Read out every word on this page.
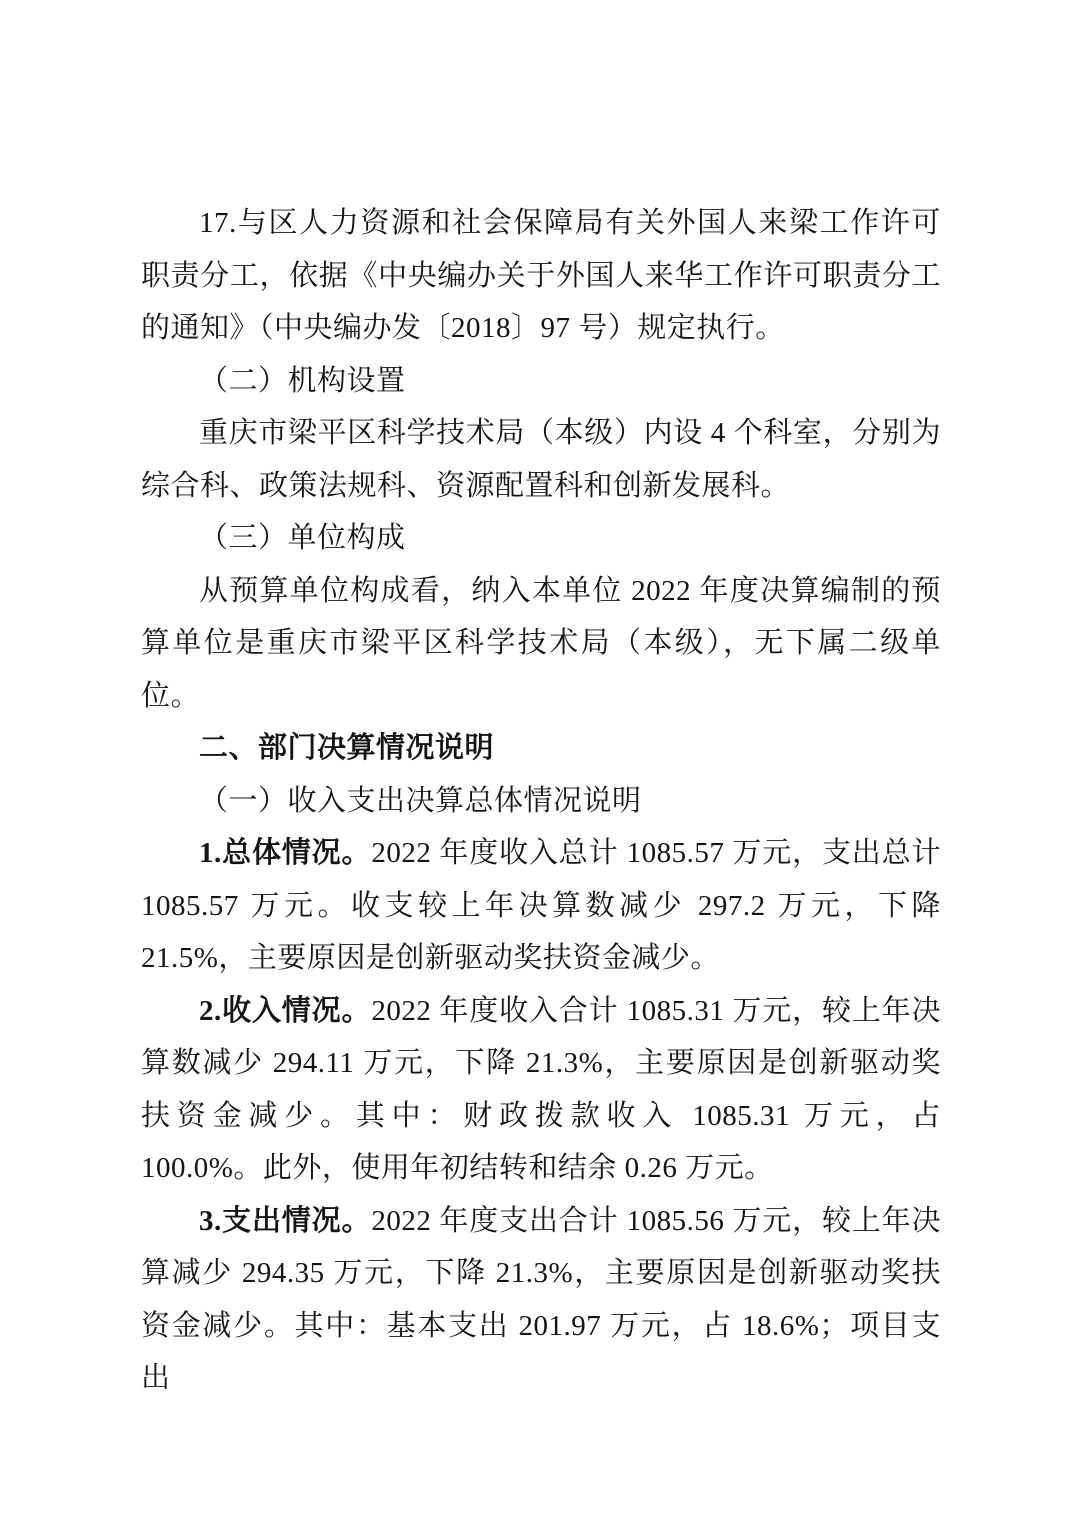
17.与区人力资源和社会保障局有关外国人来梁工作许可职责分工，依据《中央编办关于外国人来华工作许可职责分工的通知》（中央编办发〔2018〕97 号）规定执行。

（二）机构设置

重庆市梁平区科学技术局（本级）内设 4 个科室，分别为综合科、政策法规科、资源配置科和创新发展科。

（三）单位构成

从预算单位构成看，纳入本单位 2022 年度决算编制的预算单位是重庆市梁平区科学技术局（本级），无下属二级单位。

二、部门决算情况说明

（一）收入支出决算总体情况说明

1.总体情况。2022 年度收入总计 1085.57 万元，支出总计 1085.57 万元。收支较上年决算数减少 297.2 万元，下降 21.5%，主要原因是创新驱动奖扶资金减少。

2.收入情况。2022 年度收入合计 1085.31 万元，较上年决算数减少 294.11 万元，下降 21.3%，主要原因是创新驱动奖扶资金减少。其中：财政拨款收入 1085.31 万元，占 100.0%。此外，使用年初结转和结余 0.26 万元。

3.支出情况。2022 年度支出合计 1085.56 万元，较上年决算减少 294.35 万元，下降 21.3%，主要原因是创新驱动奖扶资金减少。其中：基本支出 201.97 万元，占 18.6%；项目支出
